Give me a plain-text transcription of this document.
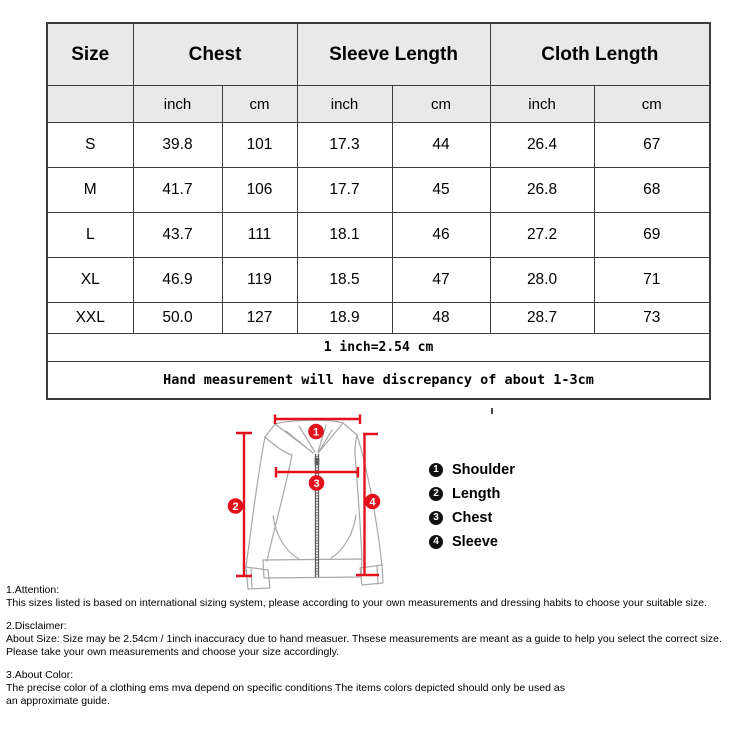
Size	Chest		Sleeve Length		Cloth Length	
	inch	cm	inch	cm	inch	cm
S	39.8	101	17.3	44	26.4	67
M	41.7	106	17.7	45	26.8	68
L	43.7	111	18.1	46	27.2	69
XL	46.9	119	18.5	47	28.0	71
XXL	50.0	127	18.9	48	28.7	73
1 inch=2.54 cm						
Hand measurement will have discrepancy of about 1-3cm						
1
2
3
4
1 Shoulder
2 Length
3 Chest
4 Sleeve
1.Attention:
This sizes listed is based on international sizing system, please according to your own measurements and dressing habits to choose your suitable size.
2.Disclaimer:
About Size: Size may be 2.54cm / 1inch inaccuracy due to hand measuer. Thsese measurements are meant as a guide to help you select the correct size.
Please take your own measurements and choose your size accordingly.
3.About Color:
The precise color of a clothing ems mva depend on specific conditions The items colors depicted should only be used as
an approximate guide.
